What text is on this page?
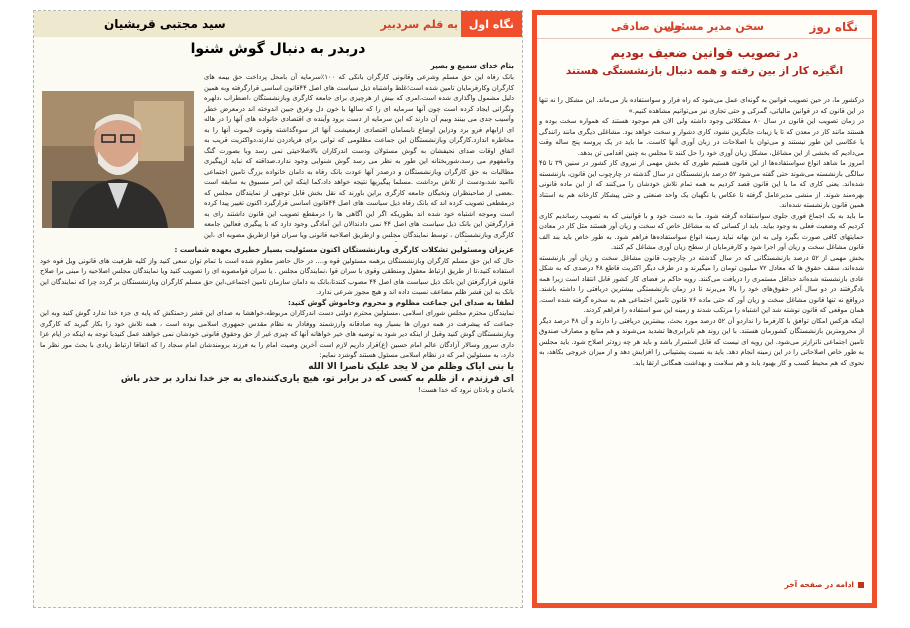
نگاه اول
به قلم سردبیر
سید مجتبی قریشیان
دربدر به دنبال گوش شنوا

بنام خدای سمیع و بصیر

بانک رفاه این حق مسلم وشرعی وقانونی کارگران بانکی که ۱۰۰٪سرمایه آن بامحل پرداخت حق بیمه های کارگران وکارفرمایان تامین شده است؛غلط واشتباه ذیل سیاست های اصل ۴۴قانون اساسی قرارگرفته وبه همین دلیل مشمول واگذاری شده است،امری که بیش از هرچیزی برای جامعه کارگری وبازنشستگان ،اضطراب ،دلهره ونگرانی ایجاد کرده است چون آنها سرمایه ای را که سالها با خون دل وعرق جبین اندوخته اند درمعرض خطر وآسیب جدی می بینند وبیم آن دارند که این سرمایه از دست برود وآینده ی اقتصادی خانواده های آنها را در هاله ای ازابهام فرو برد ودراین اوضاع نابسامان اقتصادی ازمعیشت آنها اثر سوءگذاشته وقوت لایموت آنها را به مخاطره اندازد.کارگران وبازنشستگان این جماعت مظلومی که توانی برای فریادزدن ندارند،دواکثریت قریب به اتفاق اوقات صدای نحیفشان به گوش مسئولان ودست اندرکاران بالاصلاحیتی نمی رسد وبا بصورت گنگ ونامفهوم می رسد،شوربختانه این طور به نظر می رسد گوش شنوایی وجود ندارد.صداقته که نباید ازپیگیری مطالبات به حق کارگران وبازنشستگان و درصدر آنها عودت بانک رفاه به دامان خانواده بزرگ تامین اجتماعی ناامید شد،ودست از تلاش برداشت .مسلما پیگیریها نتیجه خواهد داد،کما اینکه این امر مسبوق به سابقه است .بعضی از صاحبنظران ونخبگان جامعه کارگری براین باورند که نقل بخش قابل توجهی از نمایندگان مجلس که درمقطعی تصویب کرده اند که بانک رفاه ذیل سیاست های اصل ۴۴قانون اساسی قرارگیرد اکنون تغییر پیدا کرده است وموجه اشتباه خود شده اند بطوریکه اگر این آگاهی ها را درمقطع تصویب این قانون داشتند رای به قرارگرفتن این بانک ذیل سیاست های اصل ۴۴ نمی دادندالان این آمادگی وجود دارد که با پیگیری فعالین جامعه کارگری وبازنشستگان ، توسط نمایندگان مجلس و ازطریق اصلاحیه قانونی ویا سران قوا ازطریق مصوبه ای ،این

عزیزان ومسئولین تشکلات کارگری وبازنشستگان اکنون مسئولیت بسیار خطیری بعهده شماست :

حال که این حق مسلم کارگران وبازنشستگان برهمه مسئولین قوه و.... در حال حاضر معلوم شده است با تمام توان سعی کنید واز کلیه ظرفیت های قانونی ویل قوه خود استفاده کنید،تا از طریق ارتباط معقول ومنطقی وقوی با سران قوا ،نمایندگان مجلس . یا سران قوامصوبه ای را تصویب کنید ویا نمایندگان مجلس اصلاحیه را مبنی برا صلاح قانون قرارگرفتن این بانک ذیل سیاست های اصل ۴۴ مصوب کنندتا،بانک به دامان سازمان تامین اجتماعی،این حق مسلم کارگران وبازنشستگان بر گردد چرا که نمایندگان این بانک به این قشر ظلم مضاعف نسبت داده اند و هیچ مجوز شرعی ندارد.

لطفا به صدای این جماعت مظلوم و محروم وخاموش گوش کنید:

نمایندگان محترم مجلس شورای اسلامی ،مسئولین محترم دولتی دست اندرکاران مربوطه،خواهشا به صدای این قشر زحمتکش که پایه ی جزء خدا ندارد گوش کنید وبه این جماعت که پیشرفت در همه دوران ها بسیار وبه صادقانه وارزشمند ووفادار به نظام مقدس جمهوری اسلامی بوده است ، همه تلاش خود را بکار گیرید که کارگری وبازنشستگان گوش کنید وقبل از اینکه دیر شود به توصیه های خیر خواهانه آنها که چیزی غیر از حق وحقوق قانونی خودشان نمی خواهند عمل کنیدبا توجه به اینکه در ایام عزا داری سرور وسالار آزادگان عالم امام حسین (ع)قرار داریم لازم است آخرین وصیت امام را به فرزند برومندشان امام سجاد را که اتفاقا ارتباط زیادی با بحث مور نظر ما دارد، به مسئولین امر که در نظام اسلامی مسئول هستند گوشزد نمایم:

یا بنی ایاک وظلم من لا یجد علیک ناصرا الا الله

ای فرزندم ، از ظلم به کسی که در برابر تو، هیچ یاری‌کننده‌ای به جز خدا ندارد بر حذر باش

یادمان و یادتان نرود که خدا هست!

نگاه روز
سخن مدیر مسئول
حسن صادقی
در تصویب قوانین ضعیف بودیم
انگیزه کار از بین رفته و همه دنبال بازنشستگی هستند

درکشور ما، در حین تصویب قوانین به گونه‌ای عمل می‌شود که راه فرار و سواستفاده باز می‌ماند. این مشکل را نه تنها در این قانون که در قوانین مالیاتی، گمرکی و حتی تجاری نیز می‌توانیم مشاهده کنیم.»

در زمان تصویب این قانون در سال ۸۰ مشکلاتی وجود داشته ولی الان هم موجود هستند که همواره سخت بوده و هستند مانند کار در معدن که تا یا زیبات جایگزین نشود، کاری دشوار و سخت خواهد بود. مشاغلی دیگری مانند رانندگی یا عکاسی این طور نیستند و می‌توان با اصلاحات در زبان آوری آنها کاست. ما باید در یک پروسه پنج ساله وقت می‌دادیم که بخشی از این مشاغل، مشکل زیان آوری خود را حل کنند تا مجلس به چنین اقدامی تن بدهد.

امروز ما شاهد انواع سواستفاده‌ها از این قانون هستیم طوری که بخش مهمی از نیروی کار کشور در سنین ۳۹ تا ۴۵ سالگی بازنشسته می‌شوند حتی گفته می‌شود ۵۲ درصد بازنشستگان در سال گذشته در چارچوب این قانون، بازنشسته شده‌اند. یعنی کاری که ما با این قانون قصد کردیم به همه تمام تلاش خودشان را می‌کنند که از این ماده قانونی بهره‌مند شوند. از منشی مدیرعامل گرفته تا عکاس یا نگهبان یک واحد صنعتی و حتی پیشکار کارخانه هم به استناد همین قانون بازنشسته شده‌اند.

ما باید به یک اجماع فوری جلوی سواستفاده گرفته شود. ما به دست خود و با قوانینی که به تصویب رساندیم کاری کردیم که وضعیت فعلی به وجود بیاید. باید از کسانی که به مشاغل خاص که سخت و زیان آور هستند مثل کار در معادن حمایتهای کافی صورت بگیرد ولی به این بهانه نباید زمینه انواع سواستفاده‌ها فراهم شود. به طور خاص باید بند الف قانون مشاغل سخت و زیان آور اجرا شود و کارفرمایان از سطح زیان آوری مشاغل کم کنند.

بخش مهمی از ۵۲ درصد بازنشستگانی که در سال گذشته در چارچوب قانون مشاغل سخت و زیان آور بازنشسته شده‌اند، سقف حقوق ها که معادل ۷۲ میلیون تومان را میگیرند و در طرف دیگر اکثریت قاطع ۴۸ درصدی که به شکل عادی بازنشسته شده‌اند حداقل مستمری را دریافت می‌کنند. رویه حاکم بر فضای کار کشور قابل انتقاد است زیرا همه یادگرفتند در دو سال آخر حقوق‌های خود را بالا می‌برند تا در زمان بازنشستگی بیشترین دریافتی را داشته باشند. درواقع نه تنها قانون مشاغل سخت و زیان آور که حتی ماده ۷۶ قانون تامین اجتماعی هم به سخره گرفته شده است. همان موقعی که قانون نوشته شد این اشتباه را مرتکب شدند و زمینه این سو استفاده را فراهم کردند.

اینکه هرکس امکان توافق با کارفرما را نداردو آن ۵۲ درصد مورد بحث، بیشترین دریافتی را دارند و آن ۴۸ درصد دیگر از محرومترین بازنشستگان کشورمان هستند. با این روند هم نابرابری‌ها تشدید می‌شوند و هم منابع و مصارف صندوق تامین اجتماعی ناترازتر می‌شود. این رویه ای نیست که قابل استمرار باشد و باید هر چه زودتر اصلاح شود. باید مجلس به طور خاص اصلاحاتی را در این زمینه انجام دهد. باید به نسبت پشتیبانی را افزایش دهد و از میزان خروجی بکاهد، به نحوی که هم محیط کسب و کار بهبود یابد و هم سلامت و بهداشت همگانی ارتقا یابد.

ادامه در صفحه آخر
